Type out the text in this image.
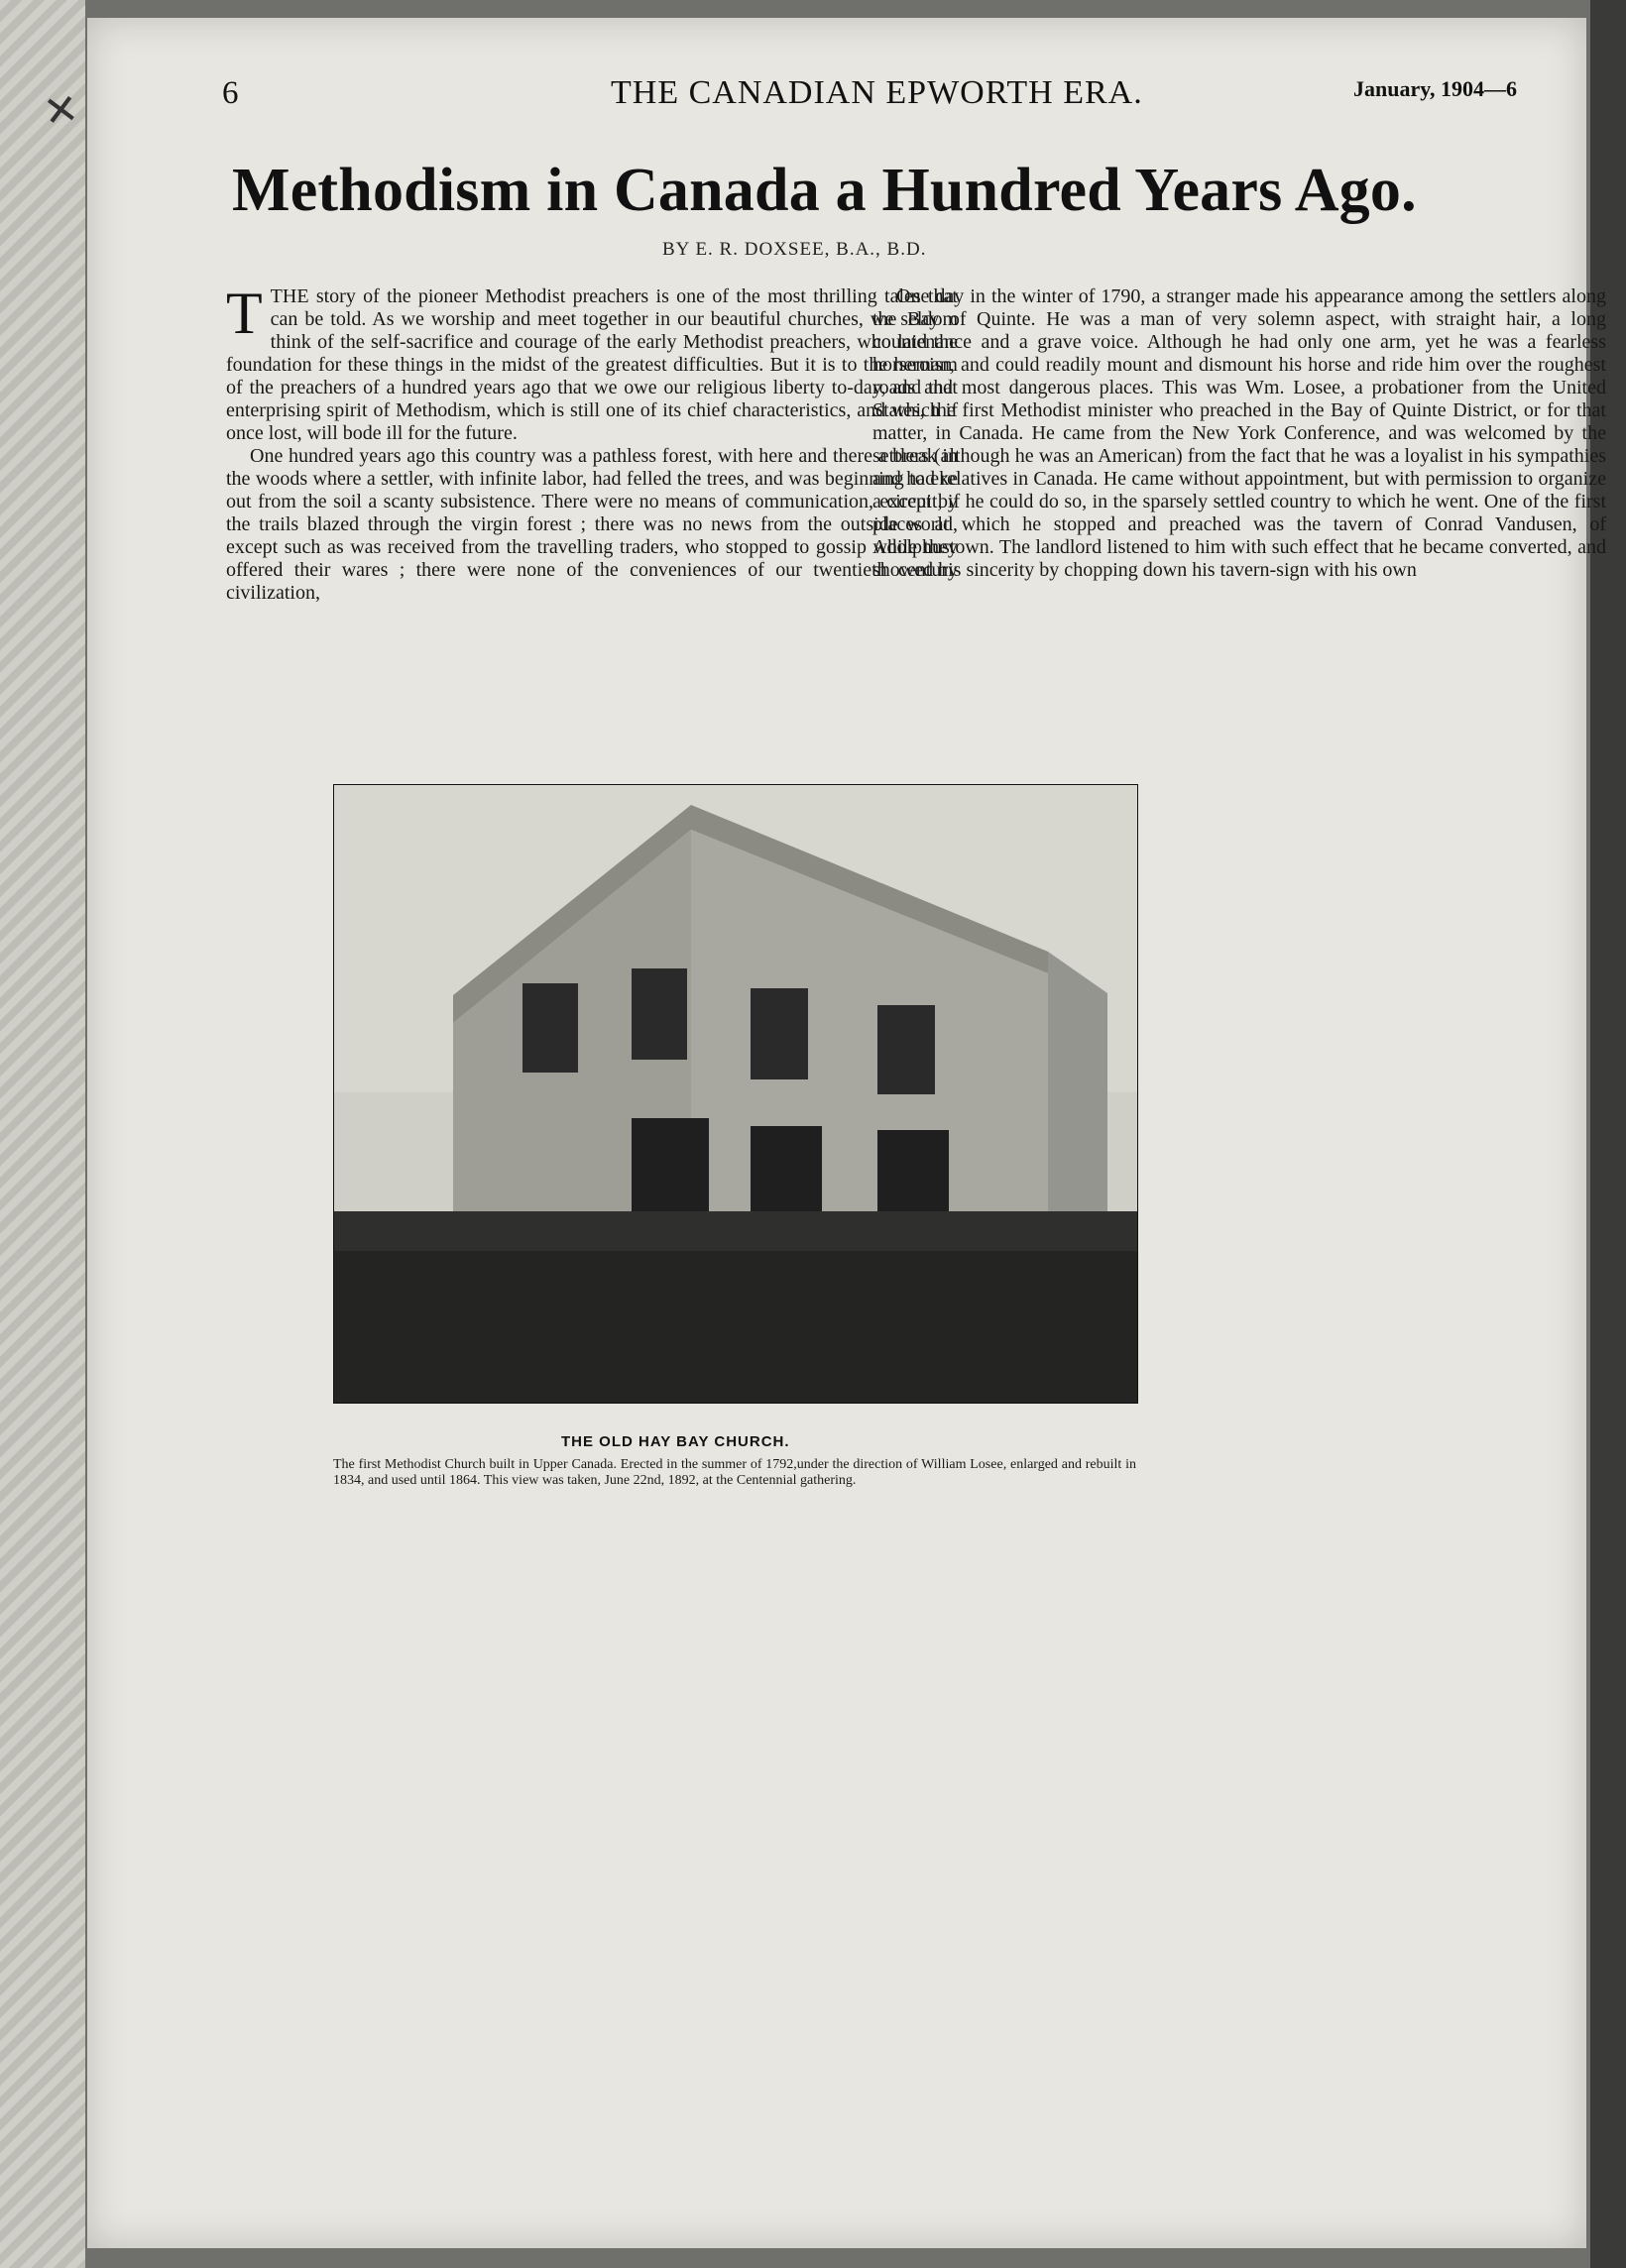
✕	6	THE CANADIAN EPWORTH ERA.	January, 1904—6
Methodism in Canada a Hundred Years Ago.
BY E. R. DOXSEE, B.A., B.D.

TTHE story of the pioneer Methodist preachers is one of the most thrilling tales that can be told. As we worship and meet together in our beautiful churches, we seldom think of the self-sacrifice and courage of the early Methodist preachers, who laid the foundation for these things in the midst of the greatest difficulties. But it is to the heroism of the preachers of a hundred years ago that we owe our religious liberty to-day, and that enterprising spirit of Methodism, which is still one of its chief characteristics, and which if once lost, will bode ill for the future.

One hundred years ago this country was a pathless forest, with here and there a break in the woods where a settler, with infinite labor, had felled the trees, and was beginning to eke out from the soil a scanty subsistence. There were no means of communication, except by the trails blazed through the virgin forest ; there was no news from the outside world, except such as was received from the travelling traders, who stopped to gossip while they offered their wares ; there were none of the conveniences of our twentieth century civilization,

One day in the winter of 1790, a stranger made his appearance among the settlers along the Bay of Quinte. He was a man of very solemn aspect, with straight hair, a long countenance and a grave voice. Although he had only one arm, yet he was a fearless horseman, and could readily mount and dismount his horse and ride him over the roughest roads and most dangerous places. This was Wm. Losee, a probationer from the United States, the first Methodist minister who preached in the Bay of Quinte District, or for that matter, in Canada. He came from the New York Conference, and was welcomed by the settlers (although he was an American) from the fact that he was a loyalist in his sympathies and had relatives in Canada. He came without appointment, but with permission to organize a circuit, if he could do so, in the sparsely settled country to which he went. One of the first places at which he stopped and preached was the tavern of Conrad Vandusen, of Adolphustown. The landlord listened to him with such effect that he became converted, and showed his sincerity by chopping down his tavern-sign with his own

THE OLD HAY BAY CHURCH.
The first Methodist Church built in Upper Canada. Erected in the summer of 1792,under the direction of William Losee, enlarged and rebuilt in 1834, and used until 1864. This view was taken, June 22nd, 1892, at the Centennial gathering.
